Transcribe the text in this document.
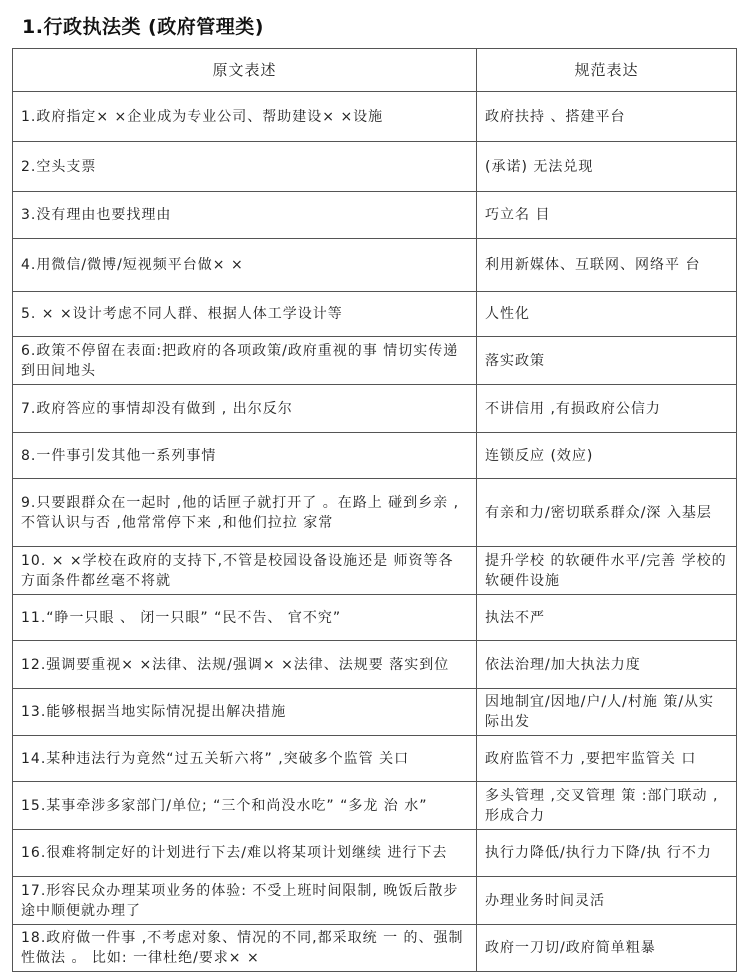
1.行政执法类 (政府管理类)
原文表述	规范表达
1.政府指定× ×企业成为专业公司、帮助建设× ×设施	政府扶持 、搭建平台
2.空头支票	(承诺) 无法兑现
3.没有理由也要找理由	巧立名 目
4.用微信/微博/短视频平台做× ×	利用新媒体、互联网、网络平 台
5. × ×设计考虑不同人群、根据人体工学设计等	人性化
6.政策不停留在表面:把政府的各项政策/政府重视的事 情切实传递到田间地头	落实政策
7.政府答应的事情却没有做到 , 出尔反尔	不讲信用 ,有损政府公信力
8.一件事引发其他一系列事情	连锁反应 (效应)
9.只要跟群众在一起时 ,他的话匣子就打开了 。在路上 碰到乡亲 ,不管认识与否 ,他常常停下来 ,和他们拉拉 家常	有亲和力/密切联系群众/深 入基层
10. × ×学校在政府的支持下,不管是校园设备设施还是 师资等各方面条件都丝毫不将就	提升学校 的软硬件水平/完善 学校的软硬件设施
11.“睁一只眼 、 闭一只眼” “民不告、 官不究”	执法不严
12.强调要重视× ×法律、法规/强调× ×法律、法规要 落实到位	依法治理/加大执法力度
13.能够根据当地实际情况提出解决措施	因地制宜/因地/户/人/村施 策/从实际出发
14.某种违法行为竟然“过五关斩六将” ,突破多个监管 关口	政府监管不力 ,要把牢监管关 口
15.某事牵涉多家部门/单位; “三个和尚没水吃” “多龙 治 水”	多头管理 ,交叉管理 策 :部门联动 ,形成合力
16.很难将制定好的计划进行下去/难以将某项计划继续 进行下去	执行力降低/执行力下降/执 行不力
17.形容民众办理某项业务的体验: 不受上班时间限制, 晚饭后散步途中顺便就办理了	办理业务时间灵活
18.政府做一件事 ,不考虑对象、情况的不同,都采取统 一 的、强制性做法 。 比如: 一律杜绝/要求× ×	政府一刀切/政府简单粗暴
